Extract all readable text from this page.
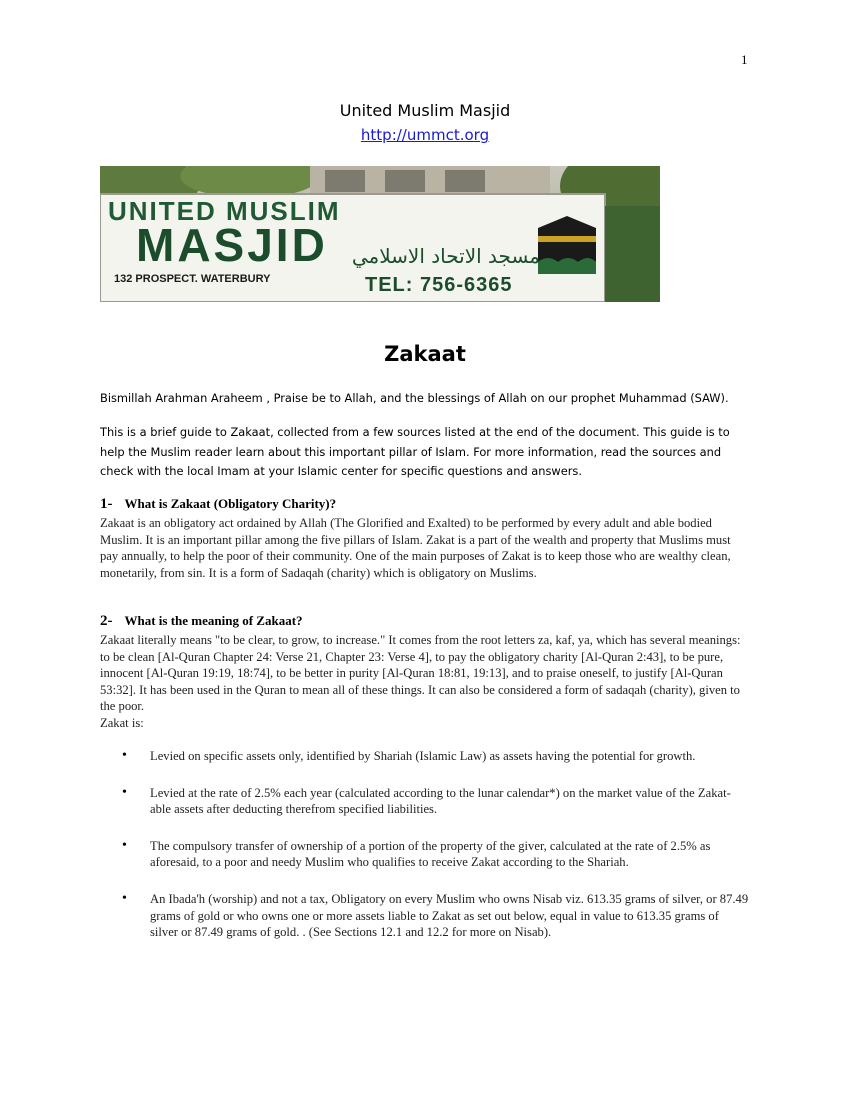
1
United Muslim Masjid
http://ummct.org
UNITED MUSLIM
MASJID مسجد الاتحاد الاسلامي
132 PROSPECT. WATERBURY	TEL: 756-6365
Zakaat
Bismillah Arahman Araheem , Praise be to Allah, and the blessings of Allah on our prophet Muhammad (SAW).
This is a brief guide to Zakaat, collected from a few sources listed at the end of the document. This guide is to help the Muslim reader learn about this important pillar of Islam. For more information, read the sources and check with the local Imam at your Islamic center for specific questions and answers.
1- What is Zakaat (Obligatory Charity)?
Zakaat is an obligatory act ordained by Allah (The Glorified and Exalted) to be performed by every adult and able bodied Muslim. It is an important pillar among the five pillars of Islam. Zakat is a part of the wealth and property that Muslims must pay annually, to help the poor of their community. One of the main purposes of Zakat is to keep those who are wealthy clean, monetarily, from sin. It is a form of Sadaqah (charity) which is obligatory on Muslims.
2- What is the meaning of Zakaat?
Zakaat literally means "to be clear, to grow, to increase." It comes from the root letters za, kaf, ya, which has several meanings: to be clean [Al-Quran Chapter 24: Verse 21, Chapter 23: Verse 4], to pay the obligatory charity [Al-Quran 2:43], to be pure, innocent [Al-Quran 19:19, 18:74], to be better in purity [Al-Quran 18:81, 19:13], and to praise oneself, to justify [Al-Quran 53:32]. It has been used in the Quran to mean all of these things. It can also be considered a form of sadaqah (charity), given to the poor.
Zakat is:
• Levied on specific assets only, identified by Shariah (Islamic Law) as assets having the potential for growth.
• Levied at the rate of 2.5% each year (calculated according to the lunar calendar*) on the market value of the Zakat-able assets after deducting therefrom specified liabilities.
• The compulsory transfer of ownership of a portion of the property of the giver, calculated at the rate of 2.5% as aforesaid, to a poor and needy Muslim who qualifies to receive Zakat according to the Shariah.
• An Ibada'h (worship) and not a tax, Obligatory on every Muslim who owns Nisab viz. 613.35 grams of silver, or 87.49 grams of gold or who owns one or more assets liable to Zakat as set out below, equal in value to 613.35 grams of silver or 87.49 grams of gold. . (See Sections 12.1 and 12.2 for more on Nisab).
